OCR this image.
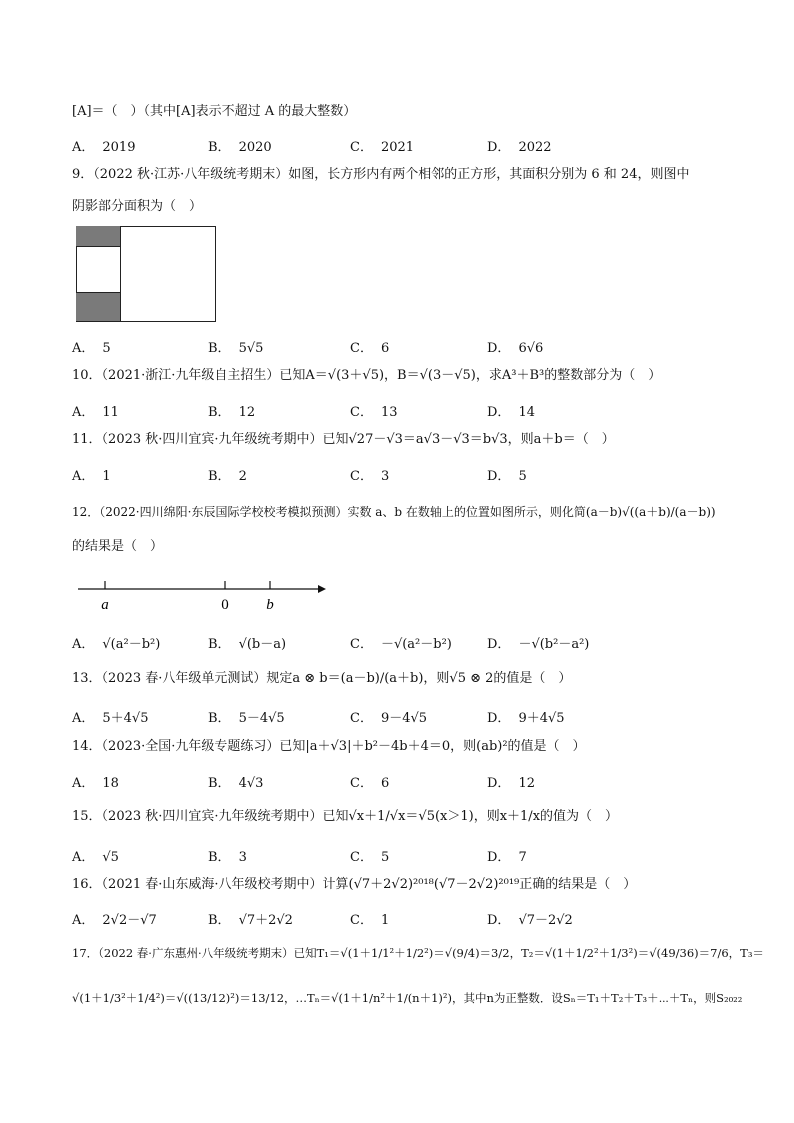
[A]＝（　）（其中[A]表示不超过 A 的最大整数）
A． 2019	B． 2020	C． 2021	D． 2022
9．（2022 秋·江苏·八年级统考期末）如图，长方形内有两个相邻的正方形，其面积分别为 6 和 24，则图中
阴影部分面积为（　）
A． 5	B． 5√5	C． 6	D． 6√6
10．（2021·浙江·九年级自主招生）已知A＝√(3＋√5)，B＝√(3－√5)，求A³＋B³的整数部分为（　）
A． 11	B． 12	C． 13	D． 14
11．（2023 秋·四川宜宾·九年级统考期中）已知√27－√3＝a√3－√3＝b√3，则a＋b＝（　）
A． 1	B． 2	C． 3	D． 5
12．（2022·四川绵阳·东辰国际学校校考模拟预测）实数 a、b 在数轴上的位置如图所示，则化简(a－b)√((a＋b)/(a－b))
的结果是（　）
a	0	b
A． √(a²－b²)	B． √(b－a)	C． －√(a²－b²)	D． －√(b²－a²)
13．（2023 春·八年级单元测试）规定a ⊗ b＝(a－b)/(a＋b)，则√5 ⊗ 2的值是（　）
A． 5＋4√5	B． 5－4√5	C． 9－4√5	D． 9＋4√5
14．（2023·全国·九年级专题练习）已知|a＋√3|＋b²－4b＋4＝0，则(ab)²的值是（　）
A． 18	B． 4√3	C． 6	D． 12
15．（2023 秋·四川宜宾·九年级统考期中）已知√x＋1/√x＝√5(x＞1)，则x＋1/x的值为（　）
A． √5	B． 3	C． 5	D． 7
16．（2021 春·山东威海·八年级校考期中）计算(√7＋2√2)²⁰¹⁸(√7－2√2)²⁰¹⁹正确的结果是（　）
A． 2√2－√7	B． √7＋2√2	C． 1	D． √7－2√2
17．（2022 春·广东惠州·八年级统考期末）已知T₁＝√(1＋1/1²＋1/2²)＝√(9/4)＝3/2，T₂＝√(1＋1/2²＋1/3²)＝√(49/36)＝7/6，T₃＝
√(1＋1/3²＋1/4²)＝√((13/12)²)＝13/12，…Tₙ＝√(1＋1/n²＋1/(n＋1)²)，其中n为正整数．设Sₙ＝T₁＋T₂＋T₃＋⋯＋Tₙ，则S₂₀₂₂
